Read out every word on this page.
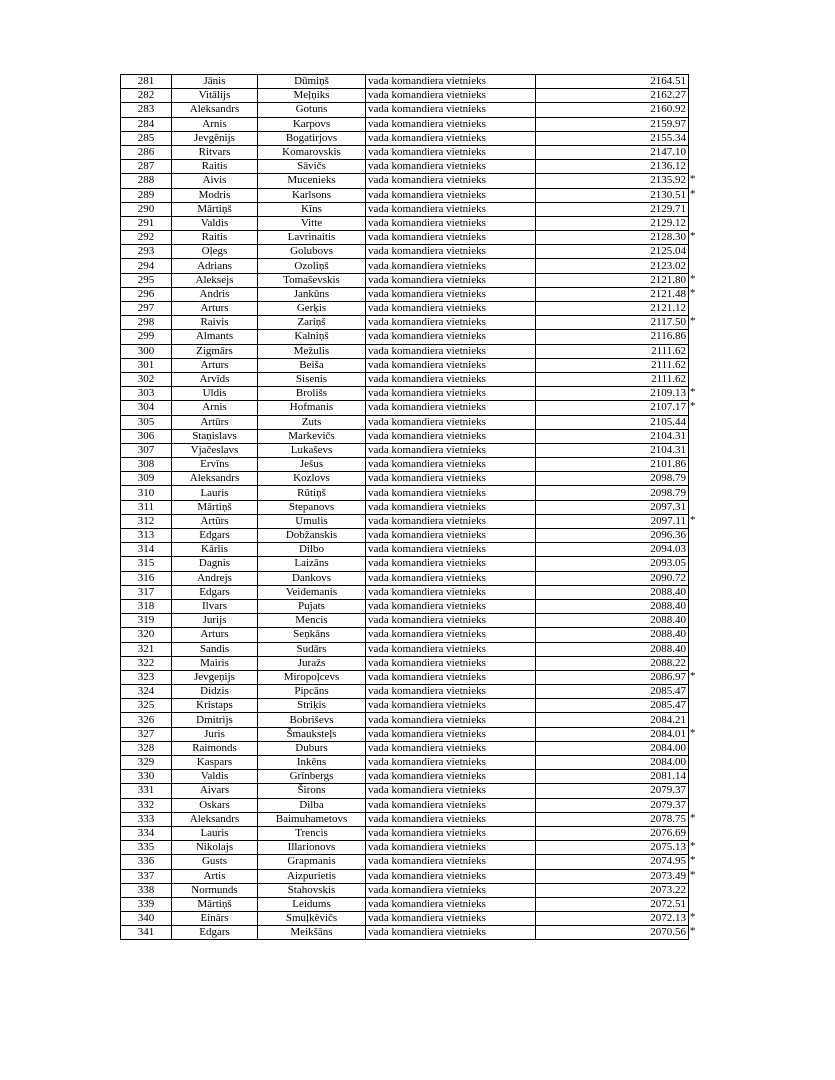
281	Jānis	Dūmiņš	vada komandiera vietnieks	2164.51

282	Vitālijs	Meļņiks	vada komandiera vietnieks	2162.27

283	Aleksandrs	Gotuns	vada komandiera vietnieks	2160.92

284	Arnis	Karpovs	vada komandiera vietnieks	2159.97

285	Jevgēnijs	Bogatirjovs	vada komandiera vietnieks	2155.34

286	Ritvars	Komarovskis	vada komandiera vietnieks	2147.10

287	Raitis	Sāvičs	vada komandiera vietnieks	2136.12

288	Aivis	Mucenieks	vada komandiera vietnieks	2135.92 *

289	Modris	Karlsons	vada komandiera vietnieks	2130.51 *

290	Mārtiņš	Kīns	vada komandiera vietnieks	2129.71

291	Valdis	Vitte	vada komandiera vietnieks	2129.12

292	Raitis	Lavrinaitis	vada komandiera vietnieks	2128.30 *

293	Oļegs	Golubovs	vada komandiera vietnieks	2125.04

294	Adrians	Ozoliņš	vada komandiera vietnieks	2123.02

295	Aleksejs	Tomaševskis	vada komandiera vietnieks	2121.80 *

296	Andris	Jankūns	vada komandiera vietnieks	2121.48 *

297	Arturs	Gerķis	vada komandiera vietnieks	2121.12

298	Raivis	Zariņš	vada komandiera vietnieks	2117.50 *

299	Almants	Kalniņš	vada komandiera vietnieks	2116.86

300	Zigmārs	Mežulis	vada komandiera vietnieks	2111.62

301	Arturs	Beiša	vada komandiera vietnieks	2111.62

302	Arvīds	Sisenis	vada komandiera vietnieks	2111.62

303	Uldis	Brolišs	vada komandiera vietnieks	2109.13 *

304	Arnis	Hofmanis	vada komandiera vietnieks	2107.17 *

305	Artūrs	Zuts	vada komandiera vietnieks	2105.44

306	Staņislavs	Markevičs	vada komandiera vietnieks	2104.31

307	Vjačeslavs	Lukaševs	vada komandiera vietnieks	2104.31

308	Ervīns	Ješus	vada komandiera vietnieks	2101.86

309	Aleksandrs	Kozlovs	vada komandiera vietnieks	2098.79

310	Lauris	Rūtiņš	vada komandiera vietnieks	2098.79

311	Mārtiņš	Stepanovs	vada komandiera vietnieks	2097.31

312	Artūrs	Umulis	vada komandiera vietnieks	2097.11 *

313	Edgars	Dobžanskis	vada komandiera vietnieks	2096.36

314	Kārlis	Dilbo	vada komandiera vietnieks	2094.03

315	Dagnis	Laizāns	vada komandiera vietnieks	2093.05

316	Andrejs	Dankovs	vada komandiera vietnieks	2090.72

317	Edgars	Veidemanis	vada komandiera vietnieks	2088.40

318	Ilvars	Pujats	vada komandiera vietnieks	2088.40

319	Jurijs	Mencis	vada komandiera vietnieks	2088.40

320	Arturs	Seņkāns	vada komandiera vietnieks	2088.40

321	Sandis	Sudārs	vada komandiera vietnieks	2088.40

322	Mairis	Juražs	vada komandiera vietnieks	2088.22

323	Jevgeņijs	Miropoļcevs	vada komandiera vietnieks	2086.97 *

324	Didzis	Pipcāns	vada komandiera vietnieks	2085.47

325	Kristaps	Striķis	vada komandiera vietnieks	2085.47

326	Dmitrijs	Bobriševs	vada komandiera vietnieks	2084.21

327	Juris	Šmauksteļs	vada komandiera vietnieks	2084.01 *

328	Raimonds	Duburs	vada komandiera vietnieks	2084.00

329	Kaspars	Inkēns	vada komandiera vietnieks	2084.00

330	Valdis	Grīnbergs	vada komandiera vietnieks	2081.14

331	Aivars	Širons	vada komandiera vietnieks	2079.37

332	Oskars	Dilba	vada komandiera vietnieks	2079.37

333	Aleksandrs	Baimuhametovs	vada komandiera vietnieks	2078.75 *

334	Lauris	Trencis	vada komandiera vietnieks	2076.69

335	Nikolajs	Illarionovs	vada komandiera vietnieks	2075.13 *

336	Gusts	Grapmanis	vada komandiera vietnieks	2074.95 *

337	Artis	Aizpurietis	vada komandiera vietnieks	2073.49 *

338	Normunds	Stahovskis	vada komandiera vietnieks	2073.22

339	Mārtiņš	Leidums	vada komandiera vietnieks	2072.51

340	Einārs	Smuļkēvičs	vada komandiera vietnieks	2072.13 *

341	Edgars	Meikšāns	vada komandiera vietnieks	2070.56 *
